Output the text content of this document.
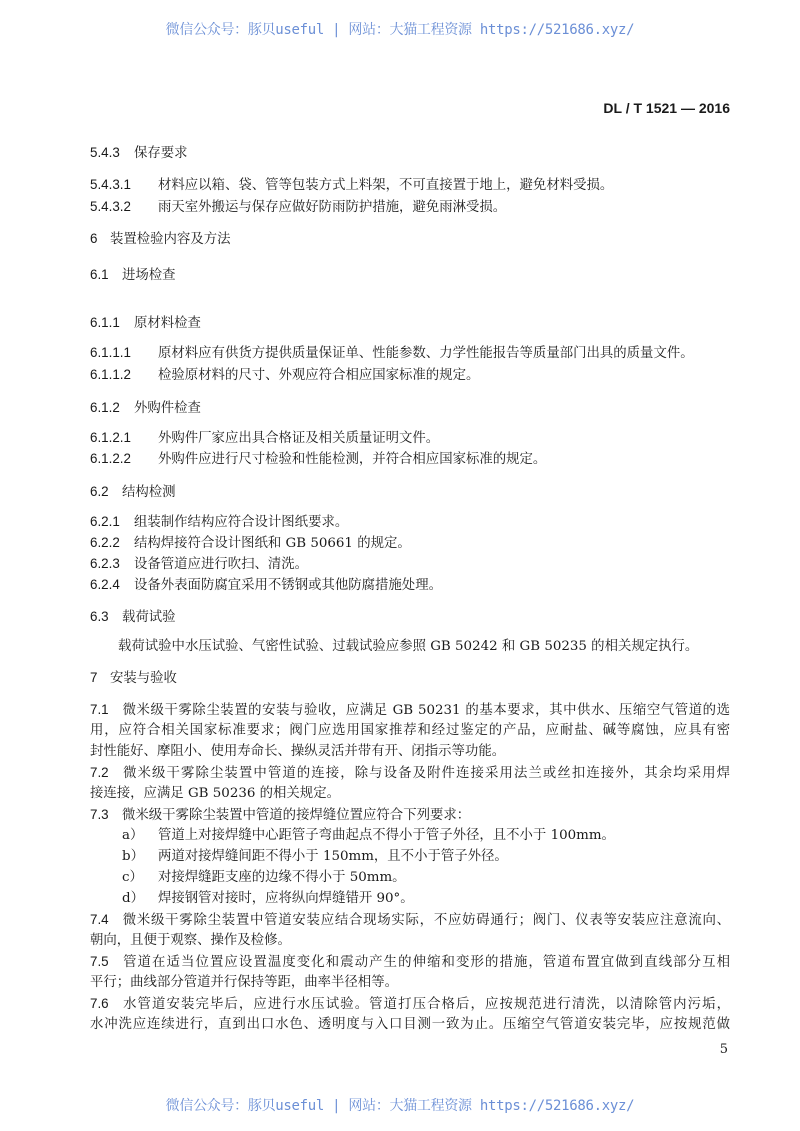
微信公众号：豚贝useful | 网站：大猫工程资源 https://521686.xyz/
DL / T 1521 — 2016
5.4.3 保存要求
5.4.3.1 材料应以箱、袋、管等包装方式上料架，不可直接置于地上，避免材料受损。
5.4.3.2 雨天室外搬运与保存应做好防雨防护措施，避免雨淋受损。
6 装置检验内容及方法
6.1 进场检查
6.1.1 原材料检查
6.1.1.1 原材料应有供货方提供质量保证单、性能参数、力学性能报告等质量部门出具的质量文件。
6.1.1.2 检验原材料的尺寸、外观应符合相应国家标准的规定。
6.1.2 外购件检查
6.1.2.1 外购件厂家应出具合格证及相关质量证明文件。
6.1.2.2 外购件应进行尺寸检验和性能检测，并符合相应国家标准的规定。
6.2 结构检测
6.2.1 组装制作结构应符合设计图纸要求。
6.2.2 结构焊接符合设计图纸和 GB 50661 的规定。
6.2.3 设备管道应进行吹扫、清洗。
6.2.4 设备外表面防腐宜采用不锈钢或其他防腐措施处理。
6.3 载荷试验
载荷试验中水压试验、气密性试验、过载试验应参照 GB 50242 和 GB 50235 的相关规定执行。
7 安装与验收
7.1 微米级干雾除尘装置的安装与验收，应满足 GB 50231 的基本要求，其中供水、压缩空气管道的选
用，应符合相关国家标准要求；阀门应选用国家推荐和经过鉴定的产品，应耐盐、碱等腐蚀，应具有密
封性能好、摩阻小、使用寿命长、操纵灵活并带有开、闭指示等功能。
7.2 微米级干雾除尘装置中管道的连接，除与设备及附件连接采用法兰或丝扣连接外，其余均采用焊
接连接，应满足 GB 50236 的相关规定。
7.3 微米级干雾除尘装置中管道的接焊缝位置应符合下列要求：
a） 管道上对接焊缝中心距管子弯曲起点不得小于管子外径，且不小于 100mm。
b） 两道对接焊缝间距不得小于 150mm，且不小于管子外径。
c） 对接焊缝距支座的边缘不得小于 50mm。
d） 焊接钢管对接时，应将纵向焊缝错开 90°。
7.4 微米级干雾除尘装置中管道安装应结合现场实际，不应妨碍通行；阀门、仪表等安装应注意流向、
朝向，且便于观察、操作及检修。
7.5 管道在适当位置应设置温度变化和震动产生的伸缩和变形的措施，管道布置宜做到直线部分互相
平行；曲线部分管道并行保持等距，曲率半径相等。
7.6 水管道安装完毕后，应进行水压试验。管道打压合格后，应按规范进行清洗，以清除管内污垢，
水冲洗应连续进行，直到出口水色、透明度与入口目测一致为止。压缩空气管道安装完毕，应按规范做
5
微信公众号：豚贝useful | 网站：大猫工程资源 https://521686.xyz/
